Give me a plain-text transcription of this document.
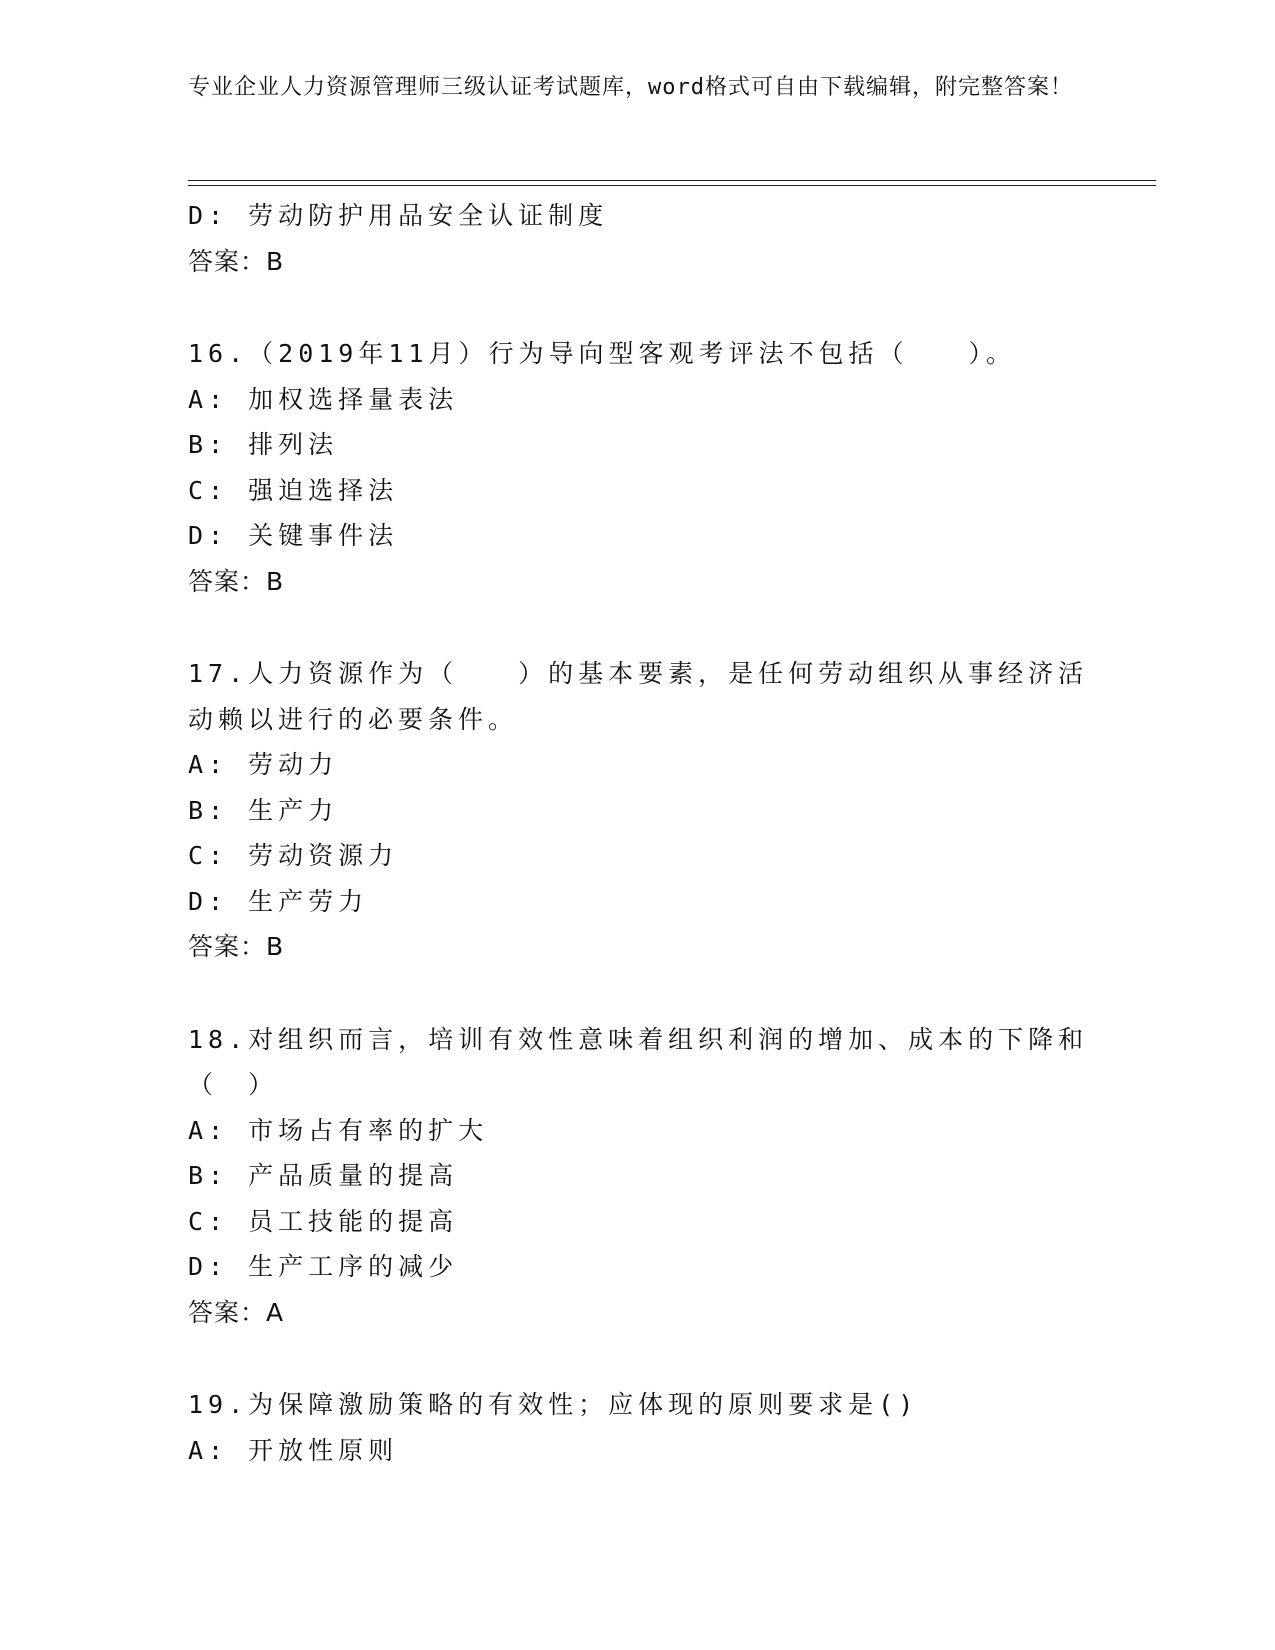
专业企业人力资源管理师三级认证考试题库，word格式可自由下载编辑，附完整答案！

D: 劳动防护用品安全认证制度

答案：B

16.（2019年11月）行为导向型客观考评法不包括（　　）。

A: 加权选择量表法

B: 排列法

C: 强迫选择法

D: 关键事件法

答案：B

17.人力资源作为（　　）的基本要素，是任何劳动组织从事经济活动赖以进行的必要条件。

A: 劳动力

B: 生产力

C: 劳动资源力

D: 生产劳力

答案：B

18.对组织而言，培训有效性意味着组织利润的增加、成本的下降和（　）

A: 市场占有率的扩大

B: 产品质量的提高

C: 员工技能的提高

D: 生产工序的减少

答案：A

19.为保障激励策略的有效性；应体现的原则要求是()

A: 开放性原则
